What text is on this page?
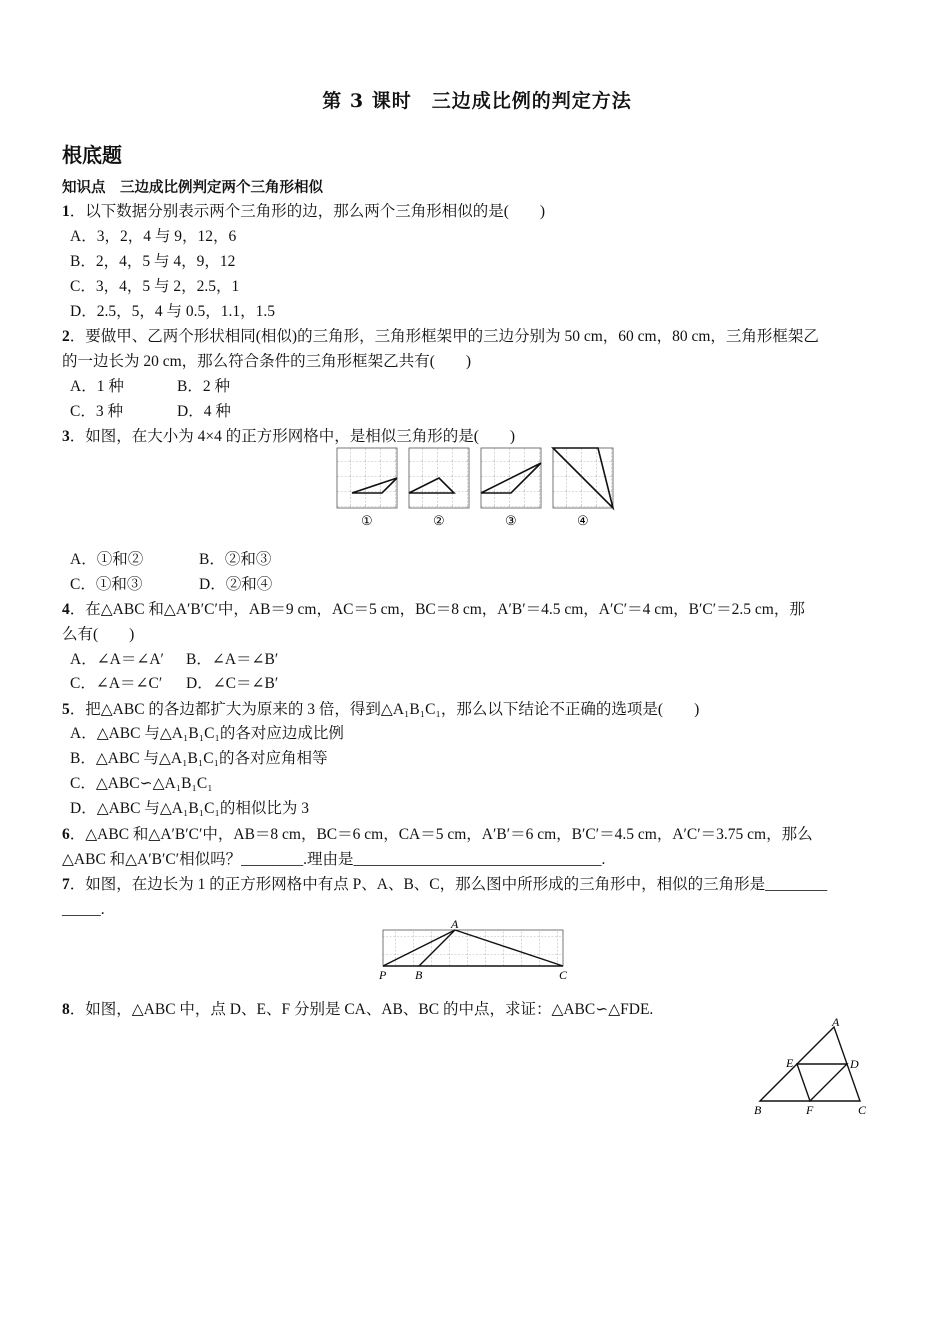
第 3 课时　三边成比例的判定方法
根底题
知识点　三边成比例判定两个三角形相似
1．以下数据分别表示两个三角形的边，那么两个三角形相似的是(　　)
A．3，2，4 与 9，12，6
B．2，4，5 与 4，9，12
C．3，4，5 与 2，2.5，1
D．2.5，5，4 与 0.5，1.1，1.5
2．要做甲、乙两个形状相同(相似)的三角形，三角形框架甲的三边分别为 50 cm，60 cm，80 cm，三角形框架乙
的一边长为 20 cm，那么符合条件的三角形框架乙共有(　　)
A．1 种	B．2 种
C．3 种	D．4 种
3．如图，在大小为 4×4 的正方形网格中，是相似三角形的是(　　)
①	②	③	④
A．①和②	B．②和③
C．①和③	D．②和④
4．在△ABC 和△A′B′C′中，AB＝9 cm，AC＝5 cm，BC＝8 cm，A′B′＝4.5 cm，A′C′＝4 cm，B′C′＝2.5 cm，那
么有(　　)
A．∠A＝∠A′ B．∠A＝∠B′
C．∠A＝∠C′ D．∠C＝∠B′
5．把△ABC 的各边都扩大为原来的 3 倍，得到△A₁B₁C₁，那么以下结论不正确的选项是(　　)
A．△ABC 与△A₁B₁C₁的各对应边成比例
B．△ABC 与△A₁B₁C₁的各对应角相等
C．△ABC∽△A₁B₁C₁
D．△ABC 与△A₁B₁C₁的相似比为 3
6．△ABC 和△A′B′C′中，AB＝8 cm，BC＝6 cm，CA＝5 cm，A′B′＝6 cm，B′C′＝4.5 cm，A′C′＝3.75 cm，那么
△ABC 和△A′B′C′相似吗？________.理由是________________________________.
7．如图，在边长为 1 的正方形网格中有点 P、A、B、C，那么图中所形成的三角形中，相似的三角形是________
_____.
A
P B	C
8．如图，△ABC 中，点 D、E、F 分别是 CA、AB、BC 的中点，求证：△ABC∽△FDE.
A
E	D
B	F	C
